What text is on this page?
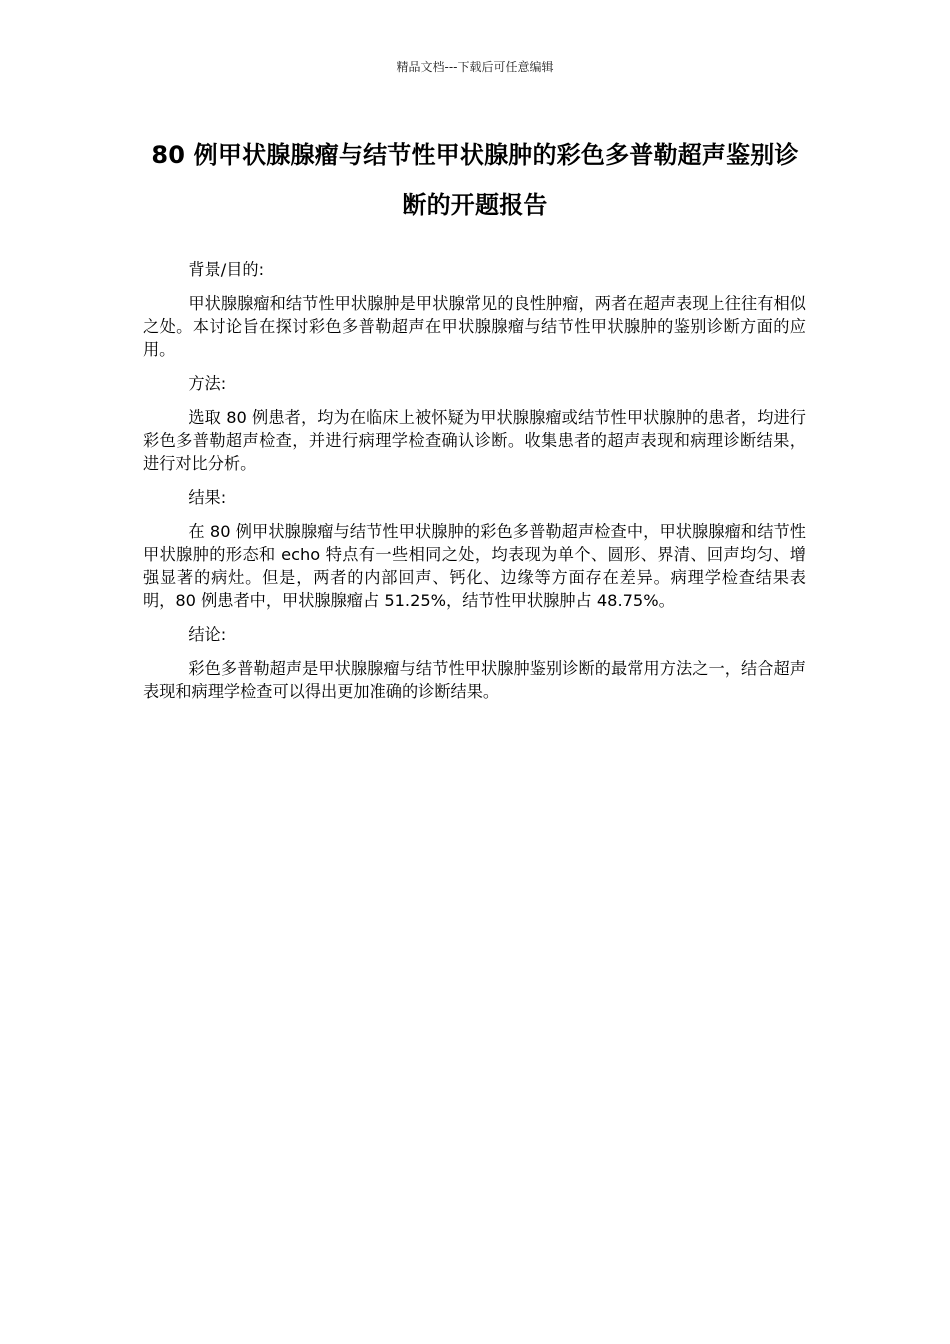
精品文档---下载后可任意编辑
80 例甲状腺腺瘤与结节性甲状腺肿的彩色多普勒超声鉴别诊断的开题报告

背景/目的:

甲状腺腺瘤和结节性甲状腺肿是甲状腺常见的良性肿瘤，两者在超声表现上往往有相似之处。本讨论旨在探讨彩色多普勒超声在甲状腺腺瘤与结节性甲状腺肿的鉴别诊断方面的应用。

方法:

选取 80 例患者，均为在临床上被怀疑为甲状腺腺瘤或结节性甲状腺肿的患者，均进行彩色多普勒超声检查，并进行病理学检查确认诊断。收集患者的超声表现和病理诊断结果，进行对比分析。

结果:

在 80 例甲状腺腺瘤与结节性甲状腺肿的彩色多普勒超声检查中，甲状腺腺瘤和结节性甲状腺肿的形态和 echo 特点有一些相同之处，均表现为单个、圆形、界清、回声均匀、增强显著的病灶。但是，两者的内部回声、钙化、边缘等方面存在差异。病理学检查结果表明，80 例患者中，甲状腺腺瘤占 51.25%，结节性甲状腺肿占 48.75%。

结论:

彩色多普勒超声是甲状腺腺瘤与结节性甲状腺肿鉴别诊断的最常用方法之一，结合超声表现和病理学检查可以得出更加准确的诊断结果。
